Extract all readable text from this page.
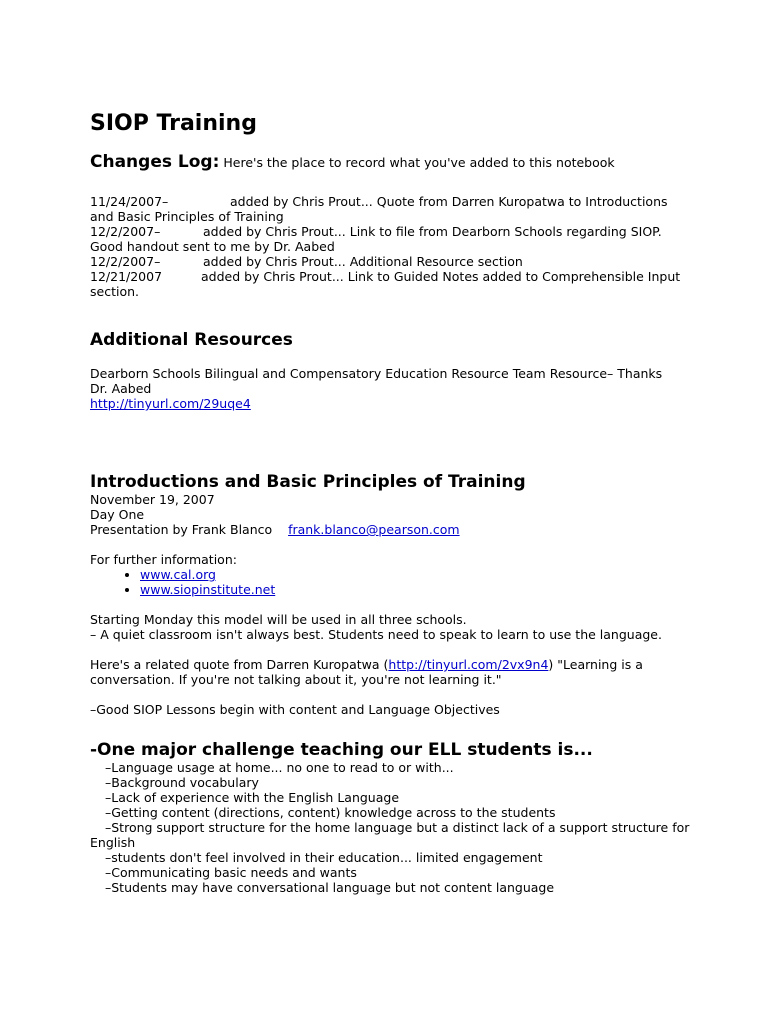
SIOP Training
Changes Log: Here's the place to record what you've added to this notebook
11/24/2007–	added by Chris Prout... Quote from Darren Kuropatwa to Introductions and Basic Principles of Training
12/2/2007–	added by Chris Prout... Link to file from Dearborn Schools regarding SIOP. Good handout sent to me by Dr. Aabed
12/2/2007–	added by Chris Prout... Additional Resource section
12/21/2007	added by Chris Prout... Link to Guided Notes added to Comprehensible Input section.
Additional Resources
Dearborn Schools Bilingual and Compensatory Education Resource Team Resource– Thanks Dr. Aabed
http://tinyurl.com/29uqe4
Introductions and Basic Principles of Training
November 19, 2007
Day One
Presentation by Frank Blanco frank.blanco@pearson.com
For further information:
• www.cal.org
• www.siopinstitute.net
Starting Monday this model will be used in all three schools.
– A quiet classroom isn't always best. Students need to speak to learn to use the language.
Here's a related quote from Darren Kuropatwa (http://tinyurl.com/2vx9n4) "Learning is a conversation. If you're not talking about it, you're not learning it."
–Good SIOP Lessons begin with content and Language Objectives
-One major challenge teaching our ELL students is...
–Language usage at home... no one to read to or with...
–Background vocabulary
–Lack of experience with the English Language
–Getting content (directions, content) knowledge across to the students
–Strong support structure for the home language but a distinct lack of a support structure for English
–students don't feel involved in their education... limited engagement
–Communicating basic needs and wants
–Students may have conversational language but not content language
